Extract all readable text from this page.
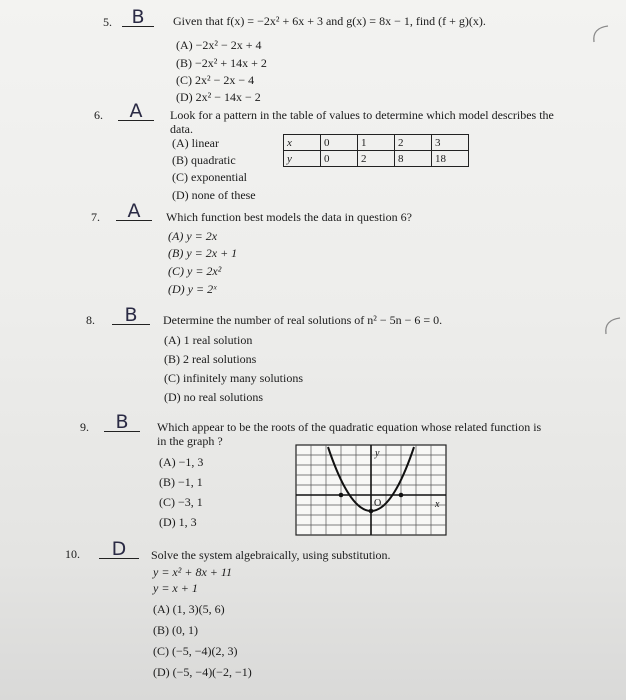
5.	B	Given that f(x) = −2x² + 6x + 3 and g(x) = 8x − 1, find (f + g)(x).
(A) −2x² − 2x + 4
(B) −2x² + 14x + 2
(C) 2x² − 2x − 4
(D) 2x² − 14x − 2
6.	A	Look for a pattern in the table of values to determine which model describes the
data.
(A) linear
(B) quadratic
(C) exponential
(D) none of these
x	0	1	2	3
y	0	2	8	18
7.	A	Which function best models the data in question 6?
(A) y = 2x
(B) y = 2x + 1
(C) y = 2x²
(D) y = 2ˣ
8.	B	Determine the number of real solutions of n² − 5n − 6 = 0.
(A) 1 real solution
(B) 2 real solutions
(C) infinitely many solutions
(D) no real solutions
9.	B	Which appear to be the roots of the quadratic equation whose related function is
in the graph ?
(A) −1, 3
(B) −1, 1
(C) −3, 1
(D) 1, 3
y
x
O
10.	D	Solve the system algebraically, using substitution.
y = x² + 8x + 11
y = x + 1
(A) (1, 3)(5, 6)
(B) (0, 1)
(C) (−5, −4)(2, 3)
(D) (−5, −4)(−2, −1)
